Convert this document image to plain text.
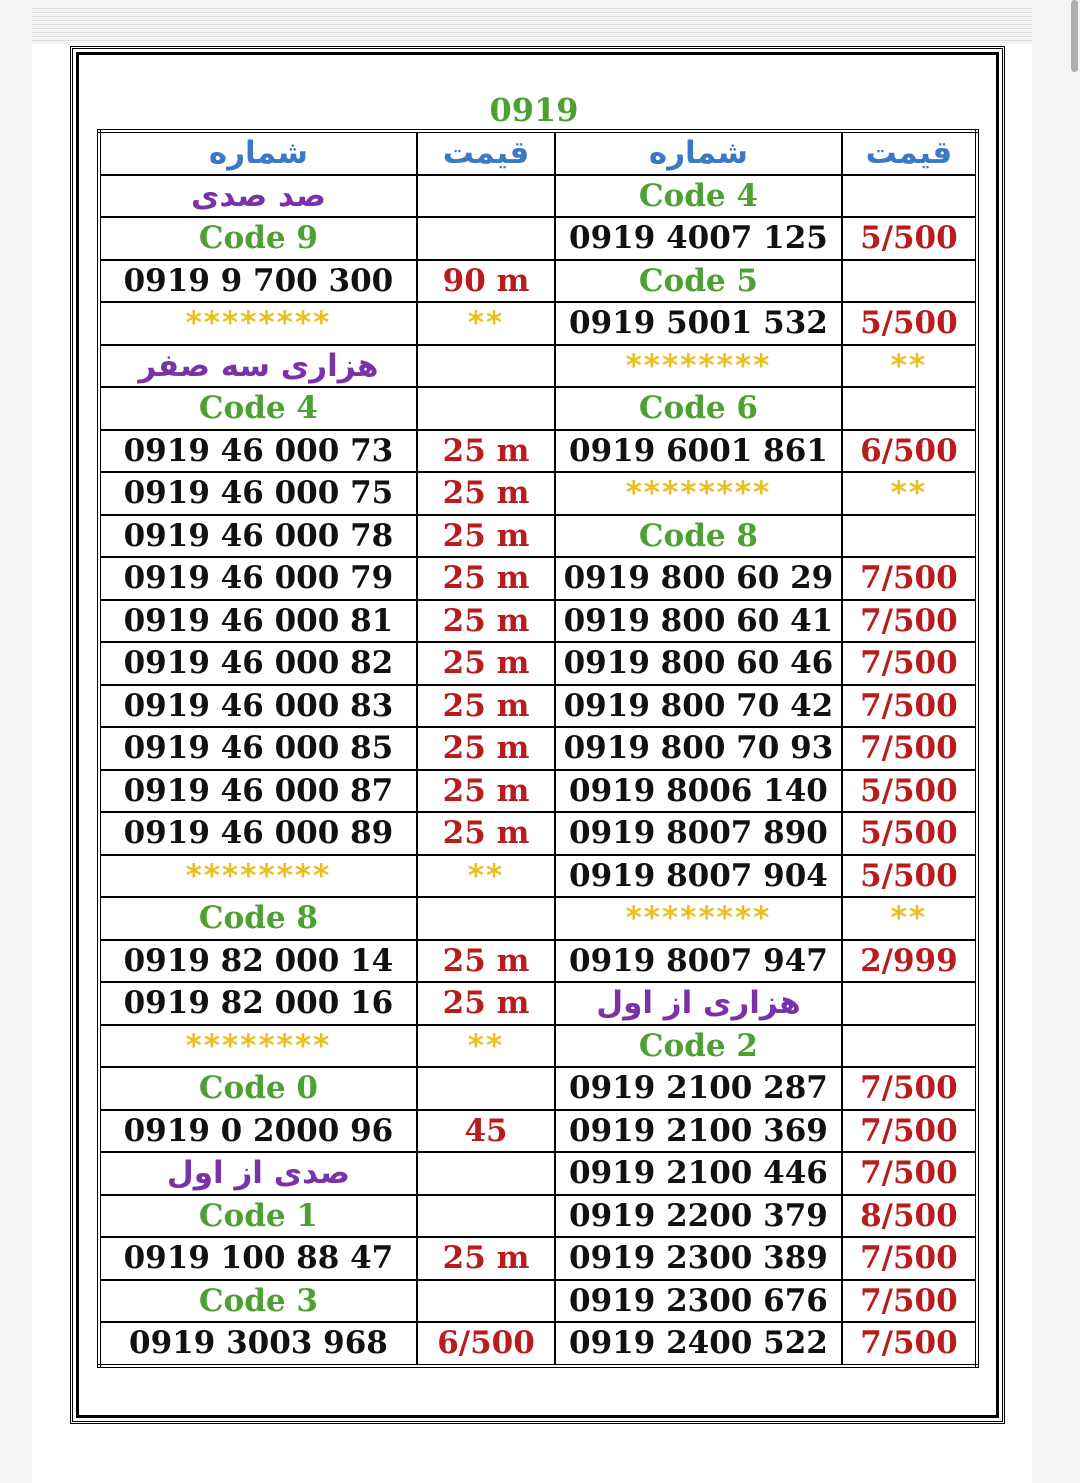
0919
شماره	قیمت	شماره	قیمت
صد صدی		Code 4	
Code 9		0919 4007 125	5/500
0919 9 700 300	90 m	Code 5	
********	**	0919 5001 532	5/500
هزاری سه صفر		********	**
Code 4		Code 6	
0919 46 000 73	25 m	0919 6001 861	6/500
0919 46 000 75	25 m	********	**
0919 46 000 78	25 m	Code 8	
0919 46 000 79	25 m	0919 800 60 29	7/500
0919 46 000 81	25 m	0919 800 60 41	7/500
0919 46 000 82	25 m	0919 800 60 46	7/500
0919 46 000 83	25 m	0919 800 70 42	7/500
0919 46 000 85	25 m	0919 800 70 93	7/500
0919 46 000 87	25 m	0919 8006 140	5/500
0919 46 000 89	25 m	0919 8007 890	5/500
********	**	0919 8007 904	5/500
Code 8		********	**
0919 82 000 14	25 m	0919 8007 947	2/999
0919 82 000 16	25 m	هزاری از اول	
********	**	Code 2	
Code 0		0919 2100 287	7/500
0919 0 2000 96	45	0919 2100 369	7/500
صدی از اول		0919 2100 446	7/500
Code 1		0919 2200 379	8/500
0919 100 88 47	25 m	0919 2300 389	7/500
Code 3		0919 2300 676	7/500
0919 3003 968	6/500	0919 2400 522	7/500
